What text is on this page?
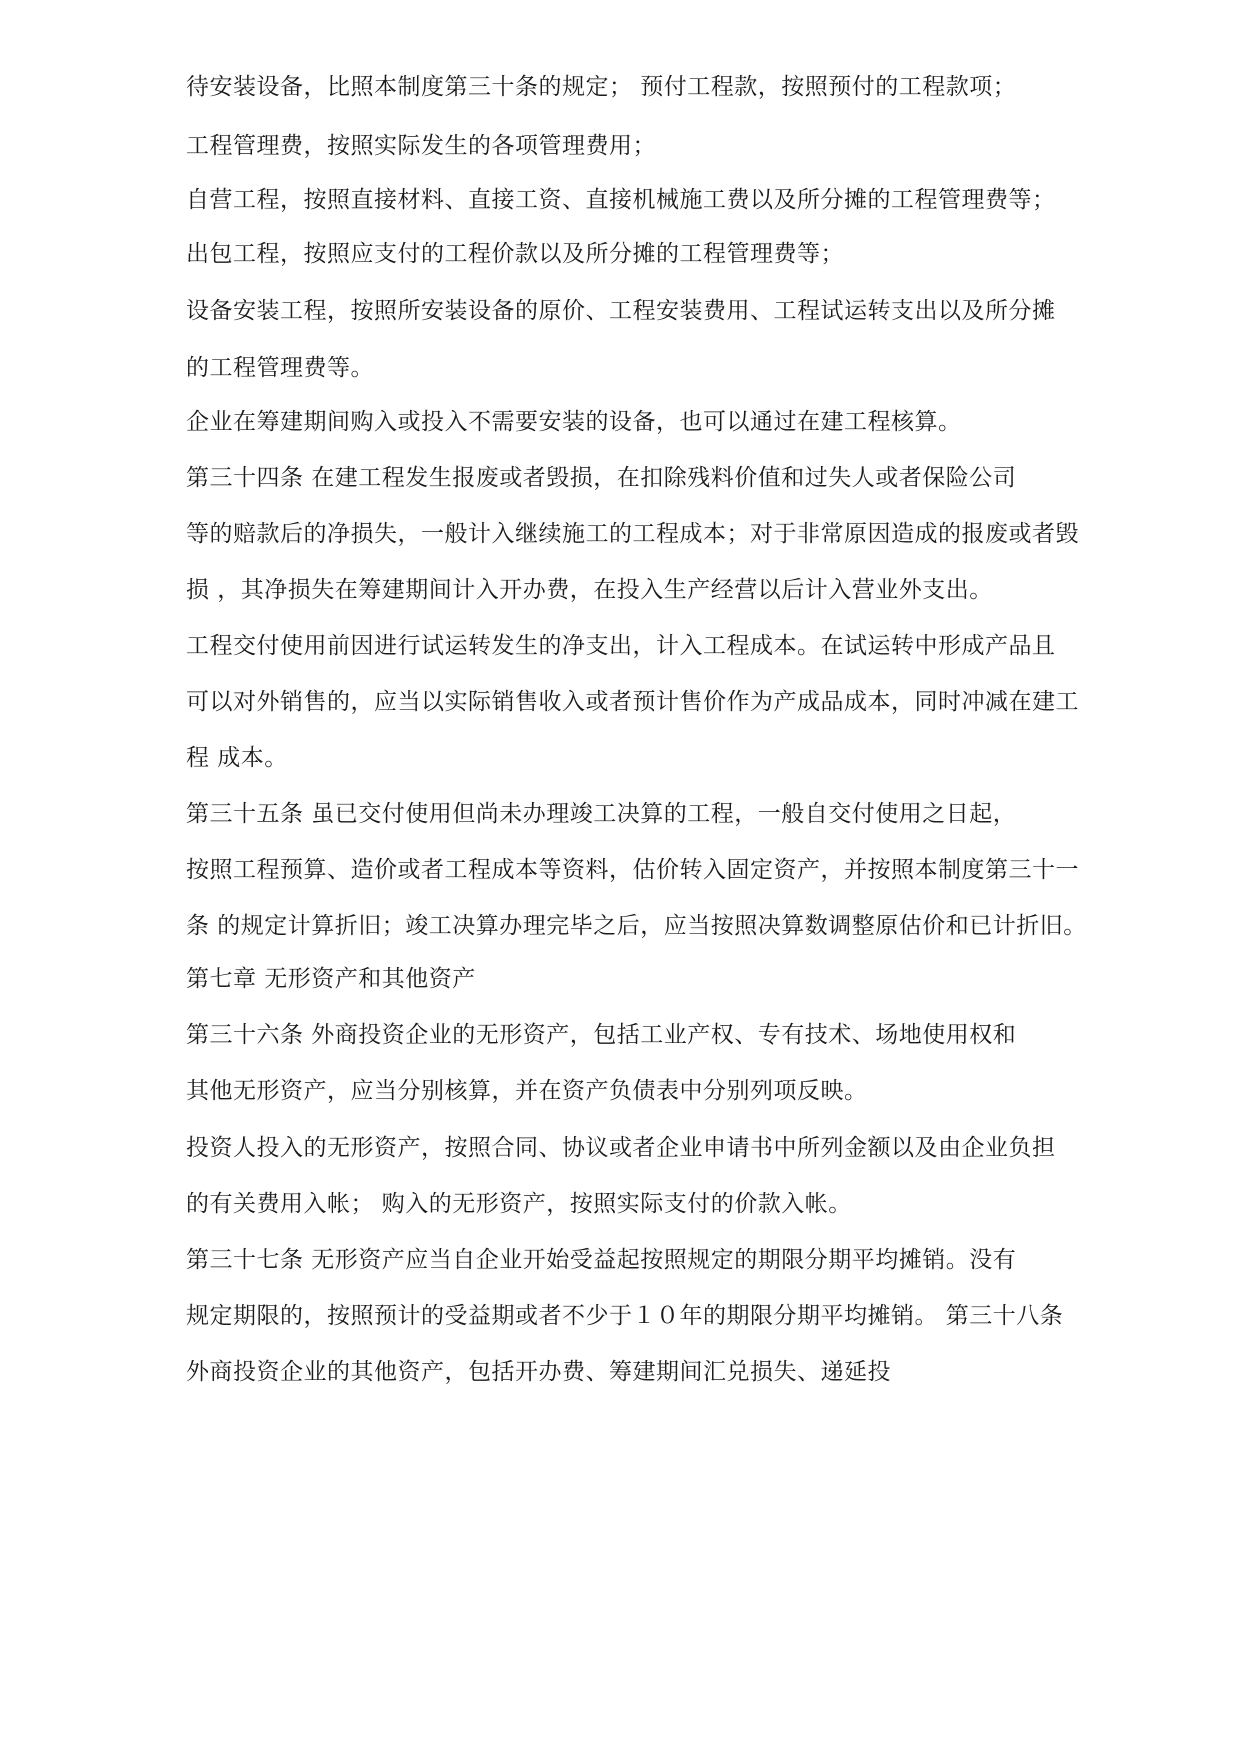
待安装设备，比照本制度第三十条的规定； 预付工程款，按照预付的工程款项；
工程管理费，按照实际发生的各项管理费用；
自营工程，按照直接材料、直接工资、直接机械施工费以及所分摊的工程管理费等；
出包工程，按照应支付的工程价款以及所分摊的工程管理费等；
设备安装工程，按照所安装设备的原价、工程安装费用、工程试运转支出以及所分摊
的工程管理费等。
企业在筹建期间购入或投入不需要安装的设备，也可以通过在建工程核算。
第三十四条 在建工程发生报废或者毁损，在扣除残料价值和过失人或者保险公司
等的赔款后的净损失，一般计入继续施工的工程成本；对于非常原因造成的报废或者毁
损 ，其净损失在筹建期间计入开办费，在投入生产经营以后计入营业外支出。
工程交付使用前因进行试运转发生的净支出，计入工程成本。在试运转中形成产品且
可以对外销售的，应当以实际销售收入或者预计售价作为产成品成本，同时冲减在建工
程 成本。
第三十五条 虽已交付使用但尚未办理竣工决算的工程，一般自交付使用之日起，
按照工程预算、造价或者工程成本等资料，估价转入固定资产，并按照本制度第三十一
条 的规定计算折旧；竣工决算办理完毕之后，应当按照决算数调整原估价和已计折旧。
第七章 无形资产和其他资产
第三十六条 外商投资企业的无形资产，包括工业产权、专有技术、场地使用权和
其他无形资产，应当分别核算，并在资产负债表中分别列项反映。
投资人投入的无形资产，按照合同、协议或者企业申请书中所列金额以及由企业负担
的有关费用入帐； 购入的无形资产，按照实际支付的价款入帐。
第三十七条 无形资产应当自企业开始受益起按照规定的期限分期平均摊销。没有
规定期限的，按照预计的受益期或者不少于１０年的期限分期平均摊销。 第三十八条
外商投资企业的其他资产，包括开办费、筹建期间汇兑损失、递延投
